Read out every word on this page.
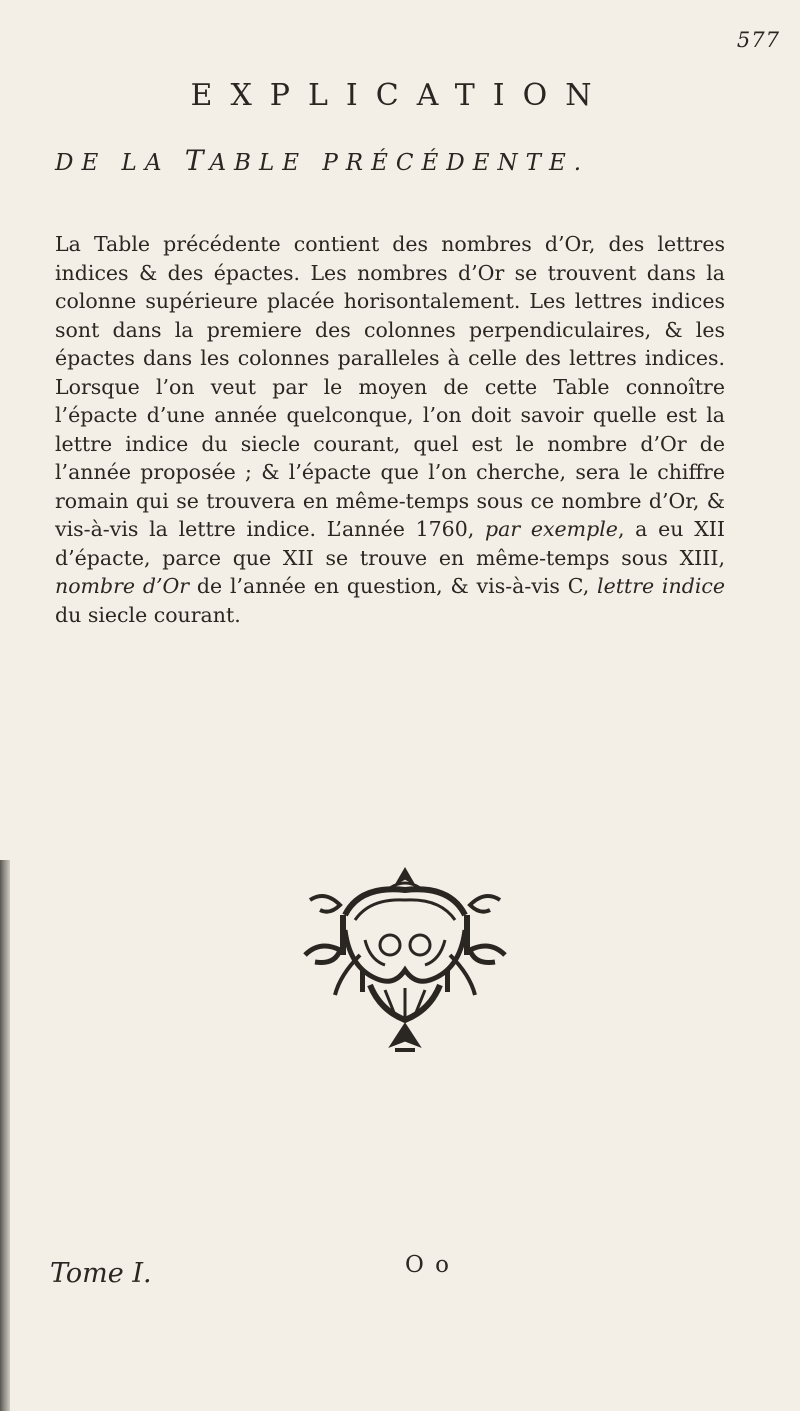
577
EXPLICATION
DE LA TABLE PRÉCÉDENTE.
La Table précédente contient des nombres d’Or, des lettres indices & des épactes. Les nombres d’Or se trouvent dans la colonne supérieure placée horisontalement. Les lettres indices sont dans la premiere des colonnes perpendiculaires, & les épactes dans les colonnes paralleles à celle des lettres indices. Lorsque l’on veut par le moyen de cette Table connoître l’épacte d’une année quelconque, l’on doit savoir quelle est la lettre indice du siecle courant, quel est le nombre d’Or de l’année proposée ; & l’épacte que l’on cherche, sera le chiffre romain qui se trouvera en même-temps sous ce nombre d’Or, & vis-à-vis la lettre indice. L’année 1760, par exemple, a eu XII d’épacte, parce que XII se trouve en même-temps sous XIII, nombre d’Or de l’année en question, & vis-à-vis C, lettre indice du siecle courant.
Tome I.	O o
